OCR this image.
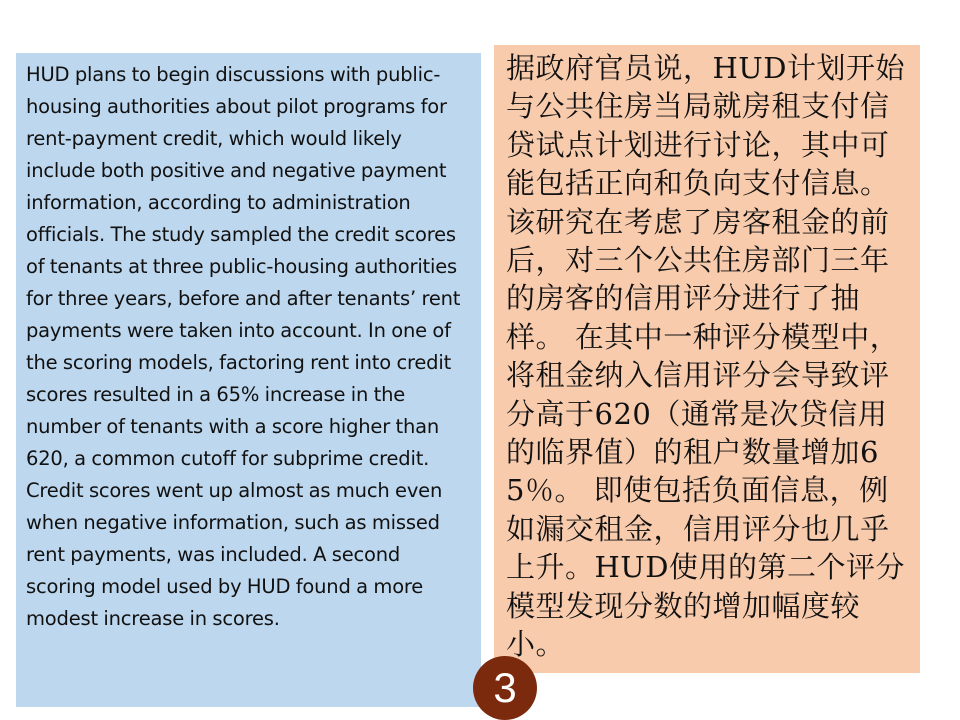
HUD plans to begin discussions with public-housing authorities about pilot programs for rent-payment credit, which would likely include both positive and negative payment information, according to administration officials. The study sampled the credit scores of tenants at three public-housing authorities for three years, before and after tenants’ rent payments were taken into account. In one of the scoring models, factoring rent into credit scores resulted in a 65% increase in the number of tenants with a score higher than 620, a common cutoff for subprime credit. Credit scores went up almost as much even when negative information, such as missed rent payments, was included. A second scoring model used by HUD found a more modest increase in scores.

据政府官员说，HUD计划开始与公共住房当局就房租支付信贷试点计划进行讨论，其中可能包括正向和负向支付信息。 该研究在考虑了房客租金的前后，对三个公共住房部门三年的房客的信用评分进行了抽样。 在其中一种评分模型中，将租金纳入信用评分会导致评分高于620（通常是次贷信用的临界值）的租户数量增加65％。 即使包括负面信息，例如漏交租金，信用评分也几乎上升。HUD使用的第二个评分模型发现分数的增加幅度较小。

3
